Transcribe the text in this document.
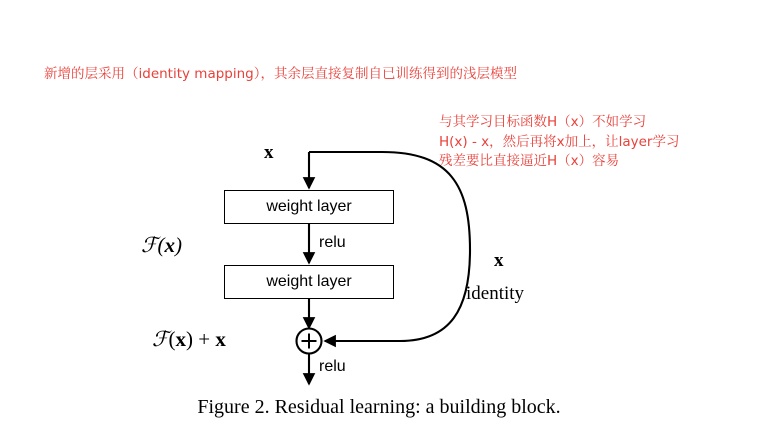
新增的层采用（identity mapping），其余层直接复制自已训练得到的浅层模型
与其学习目标函数H（x）不如学习
H(x) - x，然后再将x加上，让layer学习
残差要比直接逼近H（x）容易
weight layer
weight layer
x
relu
relu
ℱ(x)
ℱ(x) + x
x
identity
Figure 2. Residual learning: a building block.
